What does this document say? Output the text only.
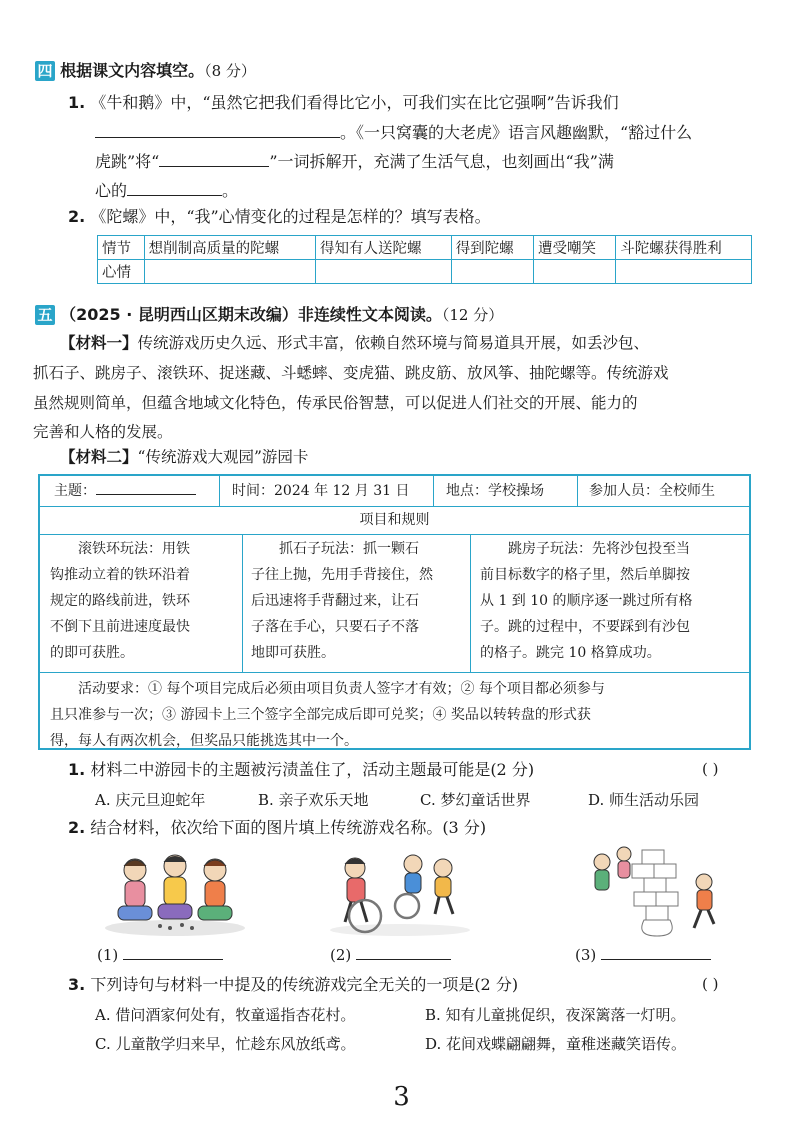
四 根据课文内容填空。（8 分）
1. 《牛和鹅》中，“虽然它把我们看得比它小，可我们实在比它强啊”告诉我们
。《一只窝囊的大老虎》语言风趣幽默，“豁过什么
虎跳”将“	”一词拆解开，充满了生活气息，也刻画出“我”满
心的	。
2. 《陀螺》中，“我”心情变化的过程是怎样的？填写表格。
情节	想削制高质量的陀螺	得知有人送陀螺	得到陀螺	遭受嘲笑	斗陀螺获得胜利
心情					
五 （2025 · 昆明西山区期末改编）非连续性文本阅读。（12 分）
【材料一】传统游戏历史久远、形式丰富，依赖自然环境与简易道具开展，如丢沙包、
抓石子、跳房子、滚铁环、捉迷藏、斗蟋蟀、变虎猫、跳皮筋、放风筝、抽陀螺等。传统游戏
虽然规则简单，但蕴含地域文化特色，传承民俗智慧，可以促进人们社交的开展、能力的
完善和人格的发展。
【材料二】“传统游戏大观园”游园卡
主题：	时间：2024 年 12 月 31 日	地点：学校操场	参加人员：全校师生
项目和规则
滚铁环玩法：用铁
钩推动立着的铁环沿着
规定的路线前进，铁环
不倒下且前进速度最快
的即可获胜。
抓石子玩法：抓一颗石
子往上抛，先用手背接住，然
后迅速将手背翻过来，让石
子落在手心，只要石子不落
地即可获胜。
跳房子玩法：先将沙包投至当
前目标数字的格子里，然后单脚按
从 1 到 10 的顺序逐一跳过所有格
子。跳的过程中，不要踩到有沙包
的格子。跳完 10 格算成功。
活动要求：① 每个项目完成后必须由项目负责人签字才有效；② 每个项目都必须参与
且只准参与一次；③ 游园卡上三个签字全部完成后即可兑奖；④ 奖品以转转盘的形式获
得，每人有两次机会，但奖品只能挑选其中一个。
1. 材料二中游园卡的主题被污渍盖住了，活动主题最可能是(2 分)	( )
A. 庆元旦迎蛇年	B. 亲子欢乐天地	C. 梦幻童话世界	D. 师生活动乐园
2. 结合材料，依次给下面的图片填上传统游戏名称。(3 分)
(1)	(2)	(3)
3. 下列诗句与材料一中提及的传统游戏完全无关的一项是(2 分)	( )
A. 借问酒家何处有，牧童遥指杏花村。	B. 知有儿童挑促织，夜深篱落一灯明。
C. 儿童散学归来早，忙趁东风放纸鸢。	D. 花间戏蝶翩翩舞，童稚迷藏笑语传。
3
